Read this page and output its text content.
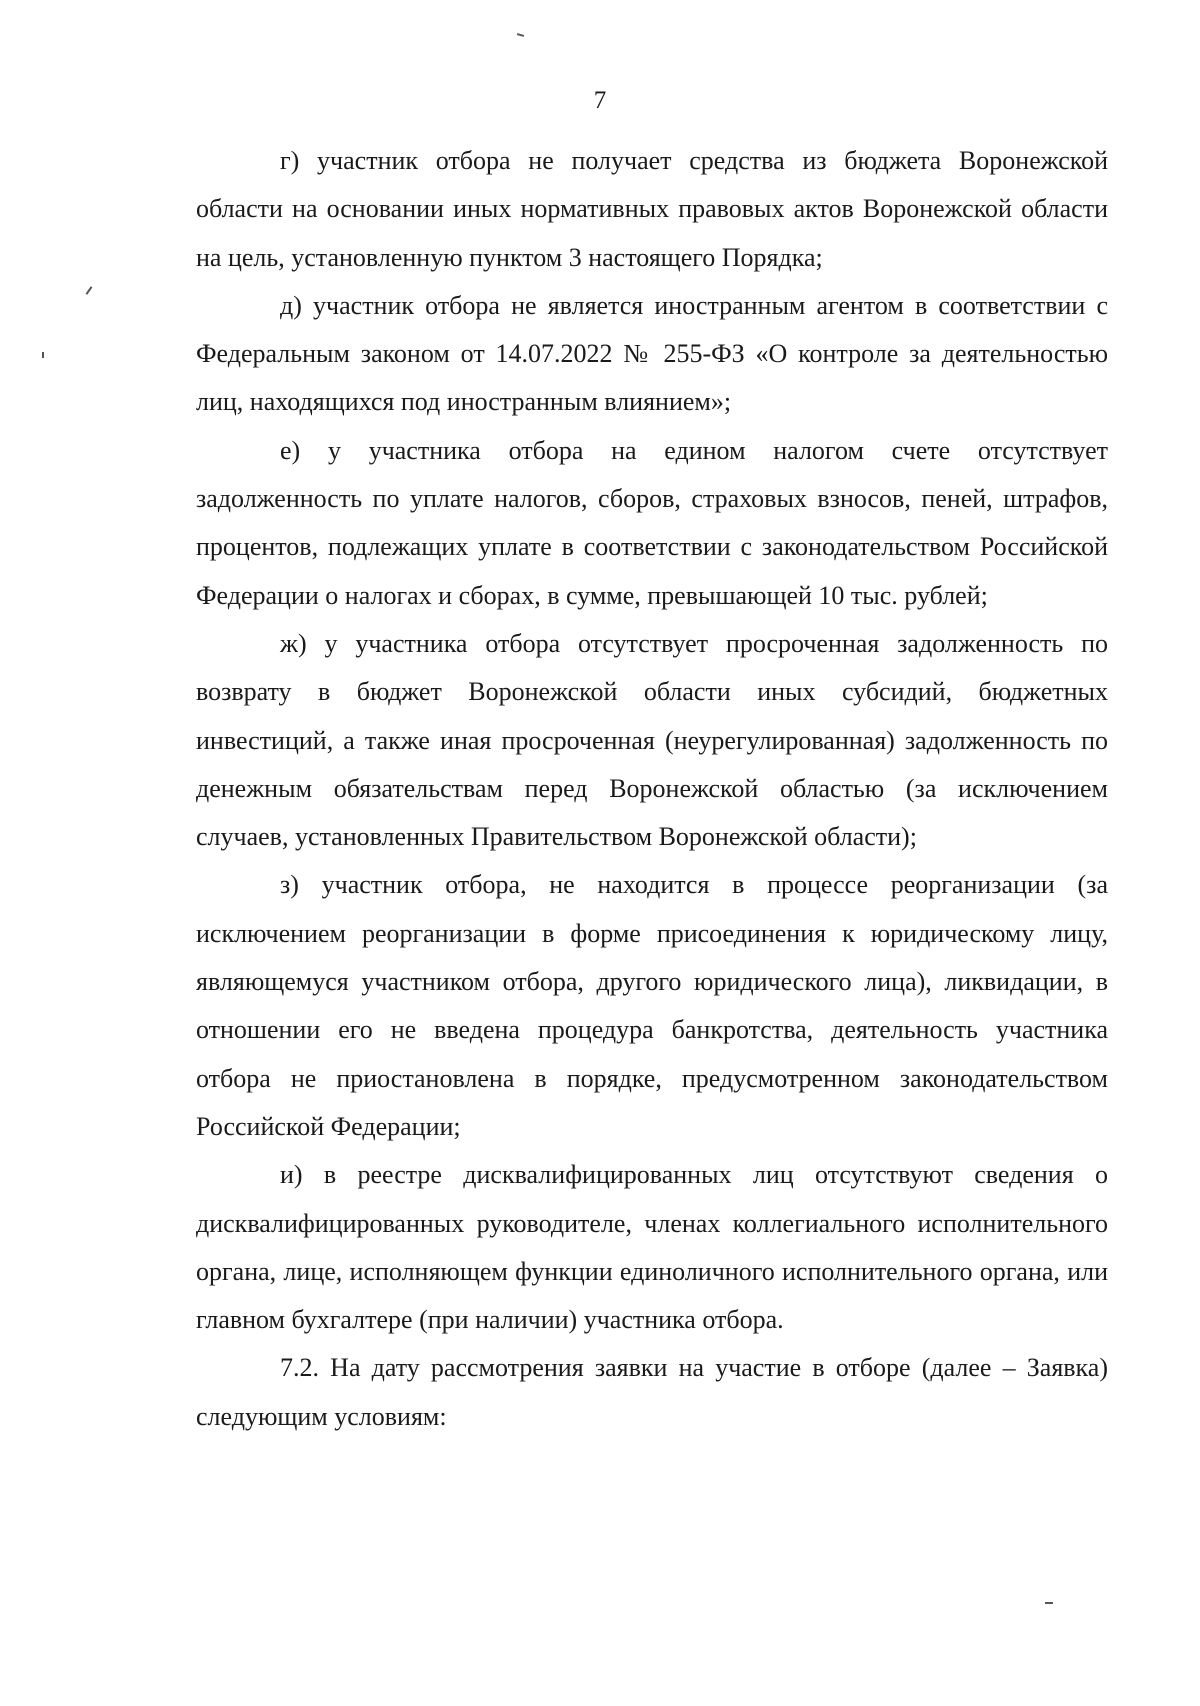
7

г) участник отбора не получает средства из бюджета Воронежской области на основании иных нормативных правовых актов Воронежской области на цель, установленную пунктом 3 настоящего Порядка;

д) участник отбора не является иностранным агентом в соответствии с Федеральным законом от 14.07.2022 № 255-ФЗ «О контроле за деятельностью лиц, находящихся под иностранным влиянием»;

е) у участника отбора на едином налогом счете отсутствует задолженность по уплате налогов, сборов, страховых взносов, пеней, штрафов, процентов, подлежащих уплате в соответствии с законодательством Российской Федерации о налогах и сборах, в сумме, превышающей 10 тыс. рублей;

ж) у участника отбора отсутствует просроченная задолженность по возврату в бюджет Воронежской области иных субсидий, бюджетных инвестиций, а также иная просроченная (неурегулированная) задолженность по денежным обязательствам перед Воронежской областью (за исключением случаев, установленных Правительством Воронежской области);

з) участник отбора, не находится в процессе реорганизации (за исключением реорганизации в форме присоединения к юридическому лицу, являющемуся участником отбора, другого юридического лица), ликвидации, в отношении его не введена процедура банкротства, деятельность участника отбора не приостановлена в порядке, предусмотренном законодательством Российской Федерации;

и) в реестре дисквалифицированных лиц отсутствуют сведения о дисквалифицированных руководителе, членах коллегиального исполнительного органа, лице, исполняющем функции единоличного исполнительного органа, или главном бухгалтере (при наличии) участника отбора.

7.2. На дату рассмотрения заявки на участие в отборе (далее – Заявка) следующим условиям:
